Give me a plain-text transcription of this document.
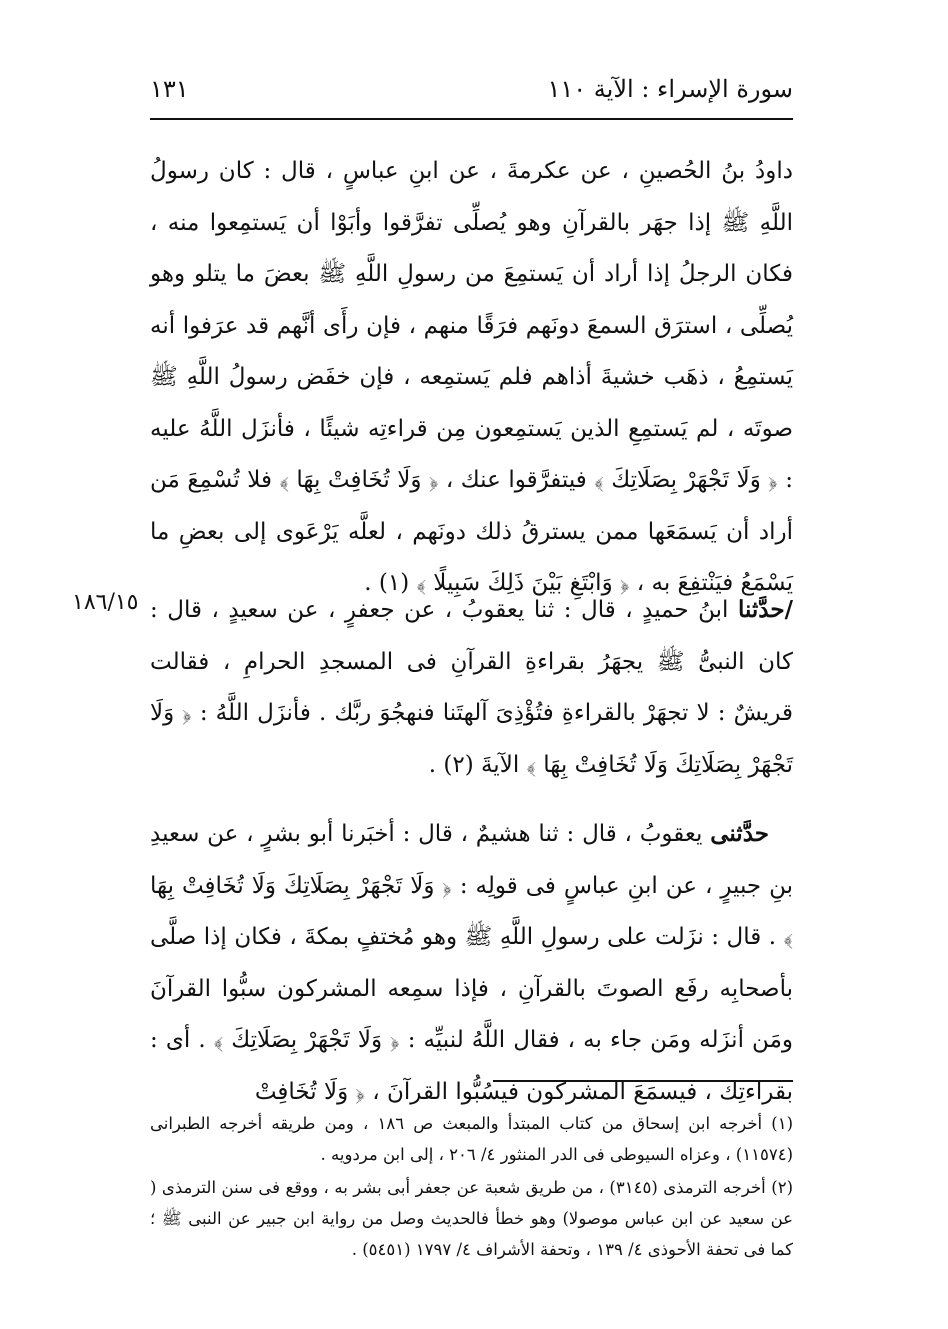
سورة الإسراء : الآية ١١٠
١٣١
١٨٦/١٥

داودُ بنُ الحُصينِ ، عن عكرمةَ ، عن ابنِ عباسٍ ، قال : كان رسولُ اللَّهِ ﷺ إذا جهَر بالقرآنِ وهو يُصلِّى تفرَّقوا وأبَوْا أن يَستمِعوا منه ، فكان الرجلُ إذا أراد أن يَستمِعَ من رسولِ اللَّهِ ﷺ بعضَ ما يتلو وهو يُصلِّى ، استرَق السمعَ دونَهم فرَقًا منهم ، فإن رأَى أنَّهم قد عرَفوا أنه يَستمِعُ ، ذهَب خشيةَ أذاهم فلم يَستمِعه ، فإن خفَض رسولُ اللَّهِ ﷺ صوتَه ، لم يَستمِعِ الذين يَستمِعون مِن قراءتِه شيئًا ، فأنزَل اللَّهُ عليه : ﴿ وَلَا تَجْهَرْ بِصَلَاتِكَ ﴾ فيتفرَّقوا عنك ، ﴿ وَلَا تُخَافِتْ بِهَا ﴾ فلا تُسْمِعَ مَن أراد أن يَسمَعَها ممن يسترقُ ذلك دونَهم ، لعلَّه يَرْعَوى إلى بعضِ ما يَسْمَعُ فيَنْتفِعَ به ، ﴿ وَابْتَغِ بَيْنَ ذَلِكَ سَبِيلًا ﴾ (١) .

/حدَّثنا ابنُ حميدٍ ، قال : ثنا يعقوبُ ، عن جعفرٍ ، عن سعيدٍ ، قال : كان النبىُّ ﷺ يجهَرُ بقراءةِ القرآنِ فى المسجدِ الحرامِ ، فقالت قريشٌ : لا تجهَرْ بالقراءةِ فتُؤْذِىَ آلهتَنا فنهجُوَ ربَّك . فأنزَل اللَّهُ : ﴿ وَلَا تَجْهَرْ بِصَلَاتِكَ وَلَا تُخَافِتْ بِهَا ﴾ الآيةَ (٢) .

حدَّثنى يعقوبُ ، قال : ثنا هشيمٌ ، قال : أخبَرنا أبو بشرٍ ، عن سعيدِ بنِ جبيرٍ ، عن ابنِ عباسٍ فى قولِه : ﴿ وَلَا تَجْهَرْ بِصَلَاتِكَ وَلَا تُخَافِتْ بِهَا ﴾ . قال : نزَلت على رسولِ اللَّهِ ﷺ وهو مُختفٍ بمكةَ ، فكان إذا صلَّى بأصحابِه رفَع الصوتَ بالقرآنِ ، فإذا سمِعه المشركون سبُّوا القرآنَ ومَن أنزَله ومَن جاء به ، فقال اللَّهُ لنبيِّه : ﴿ وَلَا تَجْهَرْ بِصَلَاتِكَ ﴾ . أى : بقراءتِك ، فيسمَعَ المشركون فيسُبُّوا القرآنَ ، ﴿ وَلَا تُخَافِتْ

(١) أخرجه ابن إسحاق من كتاب المبتدأ والمبعث ص ١٨٦ ، ومن طريقه أخرجه الطبرانى (١١٥٧٤) ، وعزاه السيوطى فى الدر المنثور ٤/ ٢٠٦ ، إلى ابن مردويه .

(٢) أخرجه الترمذى (٣١٤٥) ، من طريق شعبة عن جعفر أبى بشر به ، ووقع فى سنن الترمذى ( عن سعيد عن ابن عباس موصولا) وهو خطأ فالحديث وصل من رواية ابن جبير عن النبى ﷺ ؛ كما فى تحفة الأحوذى ٤/ ١٣٩ ، وتحفة الأشراف ٤/ ١٧٩٧ (٥٤٥١) .
